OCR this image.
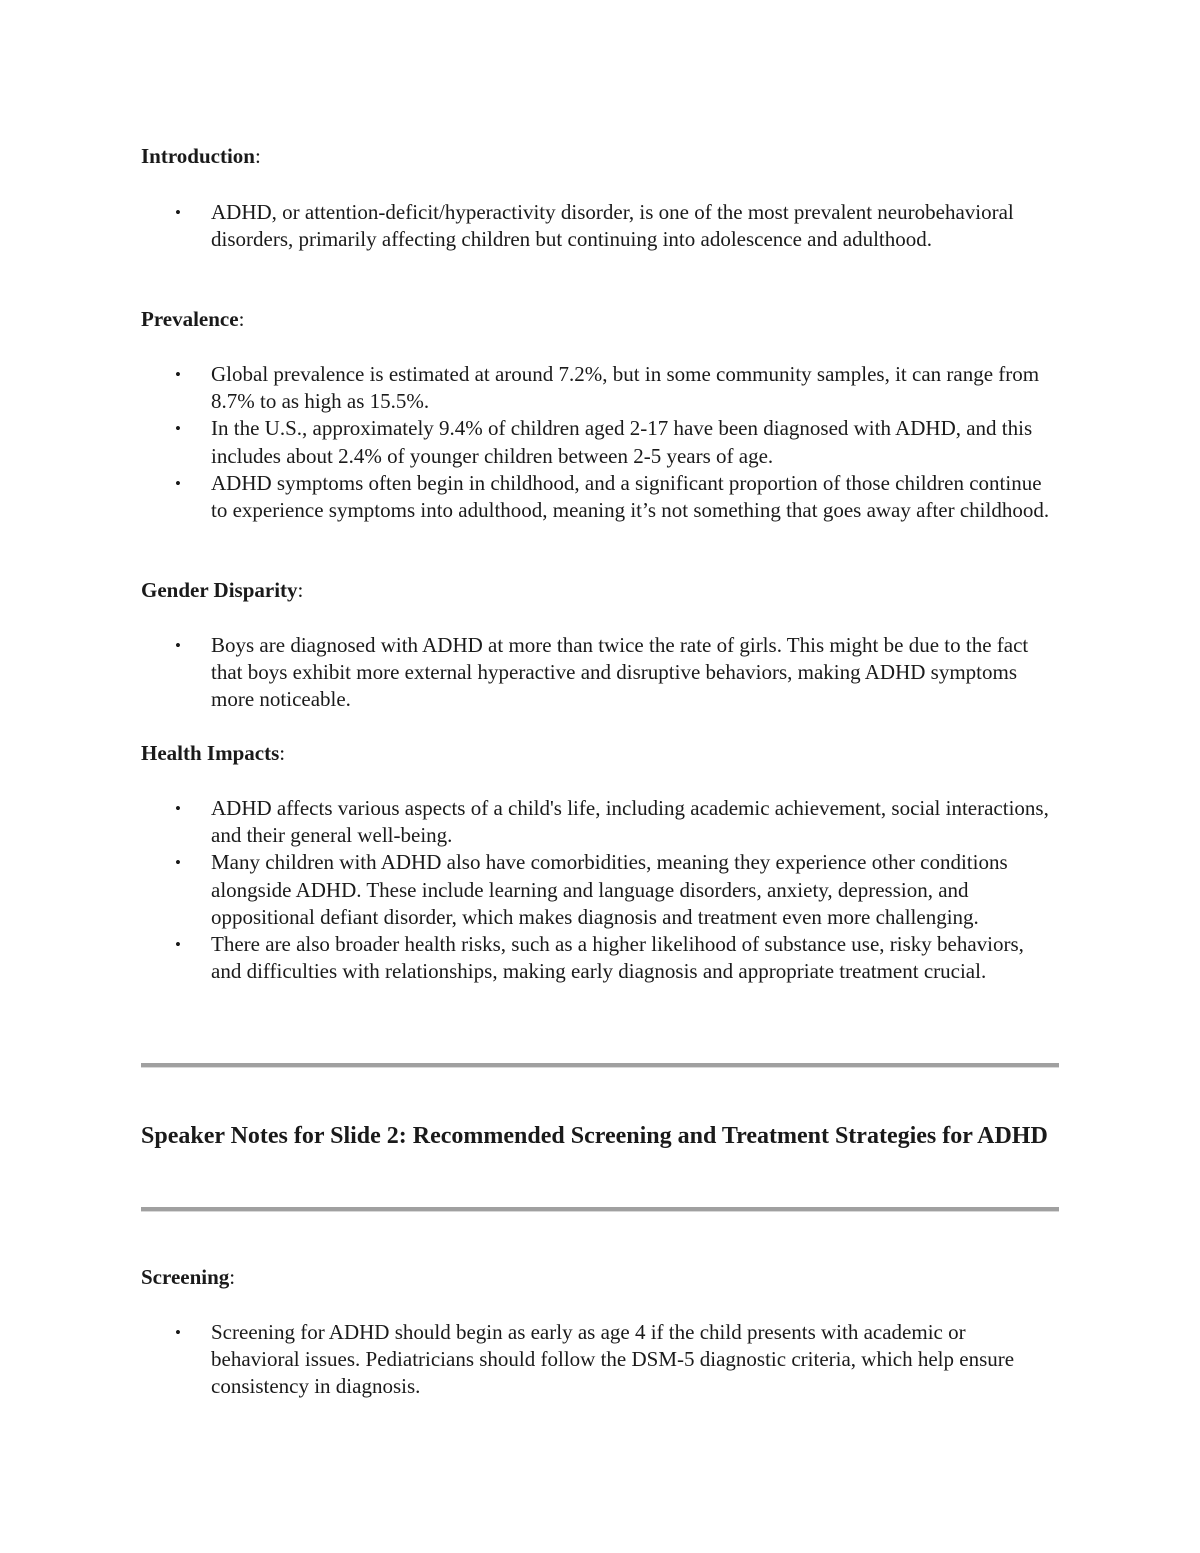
Introduction:

• ADHD, or attention-deficit/hyperactivity disorder, is one of the most prevalent neurobehavioral disorders, primarily affecting children but continuing into adolescence and adulthood.

Prevalence:

• Global prevalence is estimated at around 7.2%, but in some community samples, it can range from 8.7% to as high as 15.5%.
• In the U.S., approximately 9.4% of children aged 2-17 have been diagnosed with ADHD, and this includes about 2.4% of younger children between 2-5 years of age.
• ADHD symptoms often begin in childhood, and a significant proportion of those children continue to experience symptoms into adulthood, meaning it’s not something that goes away after childhood.

Gender Disparity:

• Boys are diagnosed with ADHD at more than twice the rate of girls. This might be due to the fact that boys exhibit more external hyperactive and disruptive behaviors, making ADHD symptoms more noticeable.

Health Impacts:

• ADHD affects various aspects of a child's life, including academic achievement, social interactions, and their general well-being.
• Many children with ADHD also have comorbidities, meaning they experience other conditions alongside ADHD. These include learning and language disorders, anxiety, depression, and oppositional defiant disorder, which makes diagnosis and treatment even more challenging.
• There are also broader health risks, such as a higher likelihood of substance use, risky behaviors, and difficulties with relationships, making early diagnosis and appropriate treatment crucial.
Speaker Notes for Slide 2: Recommended Screening and Treatment Strategies for ADHD

Screening:

• Screening for ADHD should begin as early as age 4 if the child presents with academic or behavioral issues. Pediatricians should follow the DSM-5 diagnostic criteria, which help ensure consistency in diagnosis.
